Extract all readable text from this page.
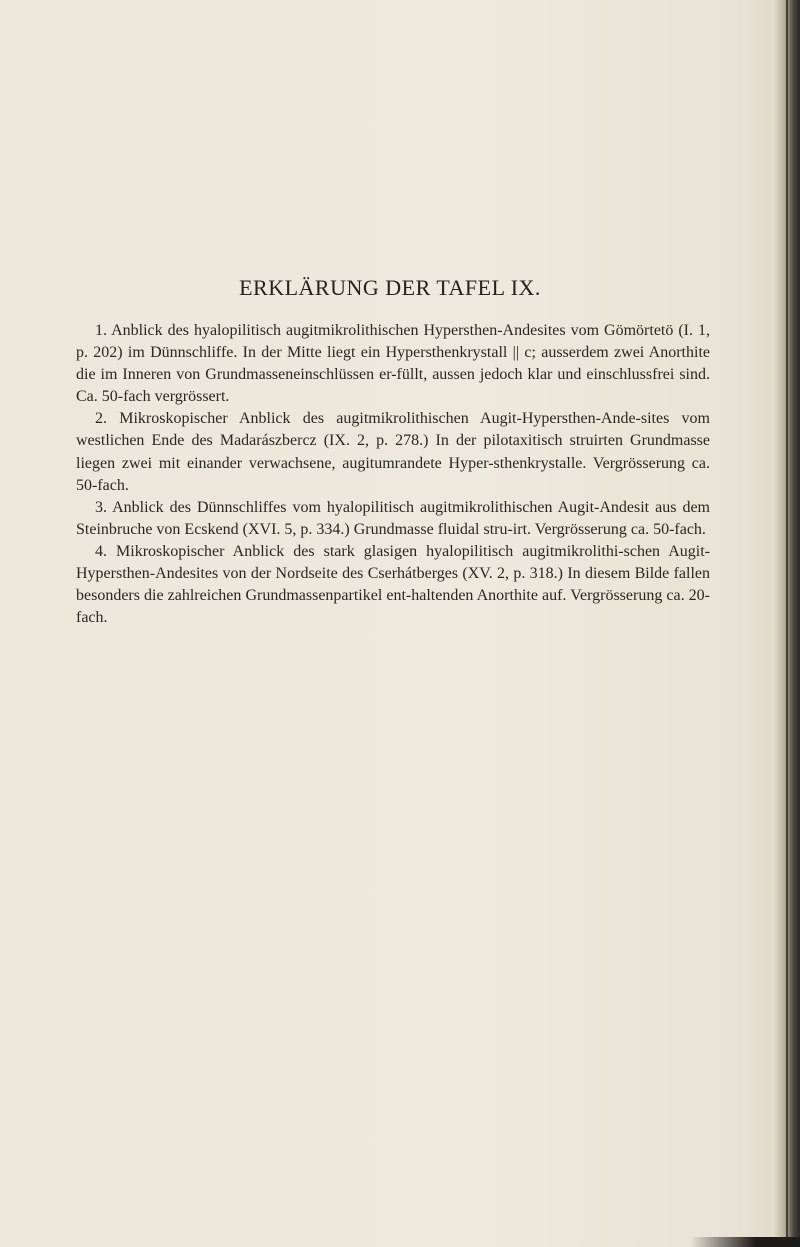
ERKLÄRUNG DER TAFEL IX.

1. Anblick des hyalopilitisch augitmikrolithischen Hypersthen-Andesites vom Gömörtetö (I. 1, p. 202) im Dünnschliffe. In der Mitte liegt ein Hypersthenkrystall || c; ausserdem zwei Anorthite die im Inneren von Grundmasseneinschlüssen er-füllt, aussen jedoch klar und einschlussfrei sind. Ca. 50-fach vergrössert.

2. Mikroskopischer Anblick des augitmikrolithischen Augit-Hypersthen-Ande-sites vom westlichen Ende des Madarászbercz (IX. 2, p. 278.) In der pilotaxitisch struirten Grundmasse liegen zwei mit einander verwachsene, augitumrandete Hyper-sthenkrystalle. Vergrösserung ca. 50-fach.

3. Anblick des Dünnschliffes vom hyalopilitisch augitmikrolithischen Augit-Andesit aus dem Steinbruche von Ecskend (XVI. 5, p. 334.) Grundmasse fluidal stru-irt. Vergrösserung ca. 50-fach.

4. Mikroskopischer Anblick des stark glasigen hyalopilitisch augitmikrolithi-schen Augit-Hypersthen-Andesites von der Nordseite des Cserhátberges (XV. 2, p. 318.) In diesem Bilde fallen besonders die zahlreichen Grundmassenpartikel ent-haltenden Anorthite auf. Vergrösserung ca. 20-fach.
